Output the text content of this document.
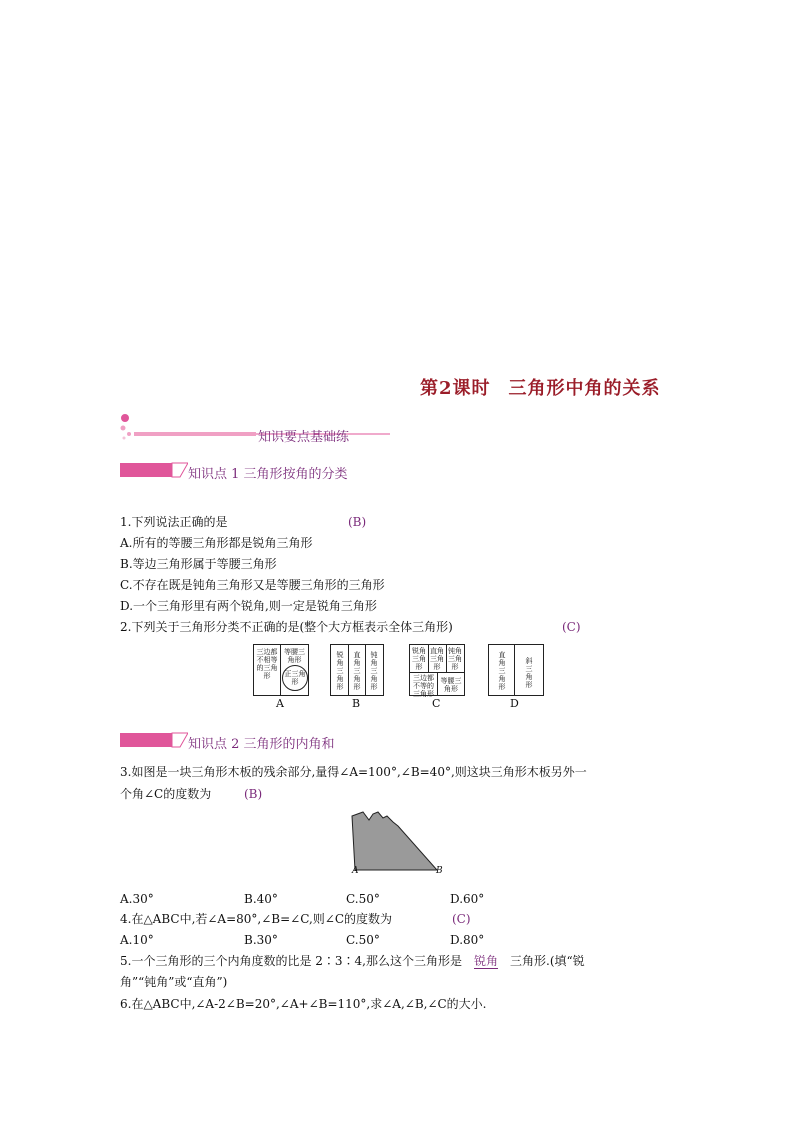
第2课时 三角形中角的关系
知识要点基础练
知识点 1 三角形按角的分类
1.下列说法正确的是	(B)
A.所有的等腰三角形都是锐角三角形
B.等边三角形属于等腰三角形
C.不存在既是钝角三角形又是等腰三角形的三角形
D.一个三角形里有两个锐角,则一定是锐角三角形
2.下列关于三角形分类不正确的是(整个大方框表示全体三角形)	(C)
三边都不相等的三角形
等腰三角形
正三角形
A
锐角三角形
直角三角形
钝角三角形
B
锐角三角形
直角三角形
钝角三角形
三边都不等的三角形
等腰三角形
C
直角三角形
斜三角形
D
知识点 2 三角形的内角和
3.如图是一块三角形木板的残余部分,量得∠A=100°,∠B=40°,则这块三角形木板另外一
个角∠C的度数为	(B)
A	B
A.30°	B.40°	C.50°	D.60°
4.在△ABC中,若∠A=80°,∠B=∠C,则∠C的度数为	(C)
A.10°	B.30°	C.50°	D.80°
5.一个三角形的三个内角度数的比是 2∶3∶4,那么这个三角形是 锐角 三角形.(填“锐
角”“钝角”或“直角”)
6.在△ABC中,∠A-2∠B=20°,∠A+∠B=110°,求∠A,∠B,∠C的大小.
